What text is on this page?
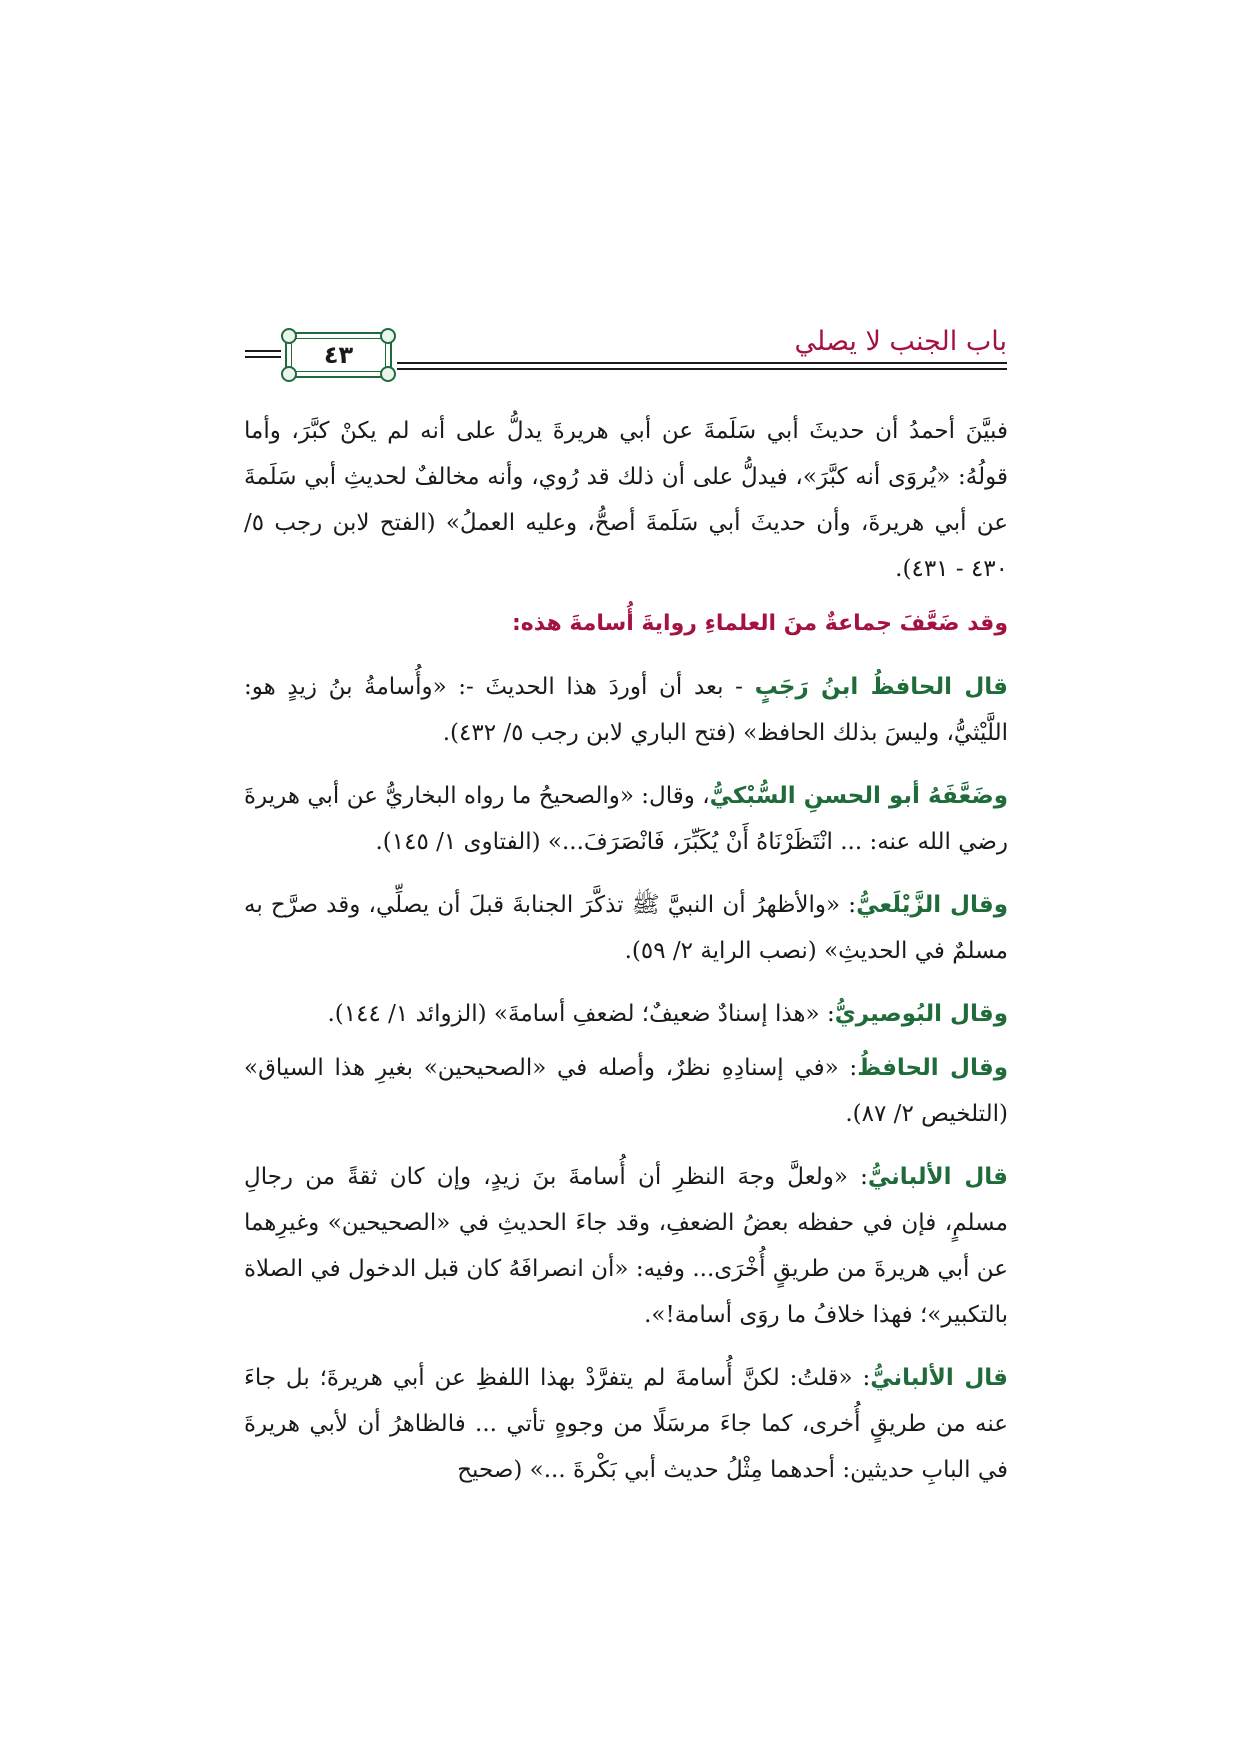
باب الجنب لا يصلي
٤٣

فبيَّنَ أحمدُ أن حديثَ أبي سَلَمةَ عن أبي هريرةَ يدلُّ على أنه لم يكنْ كبَّرَ، وأما قولُهُ: «يُروَى أنه كبَّرَ»، فيدلُّ على أن ذلك قد رُوي، وأنه مخالفٌ لحديثِ أبي سَلَمةَ عن أبي هريرةَ، وأن حديثَ أبي سَلَمةَ أصحُّ، وعليه العملُ» (الفتح لابن رجب ٥/ ٤٣٠ - ٤٣١).

وقد ضَعَّفَ جماعةٌ منَ العلماءِ روايةَ أُسامةَ هذه:

قال الحافظُ ابنُ رَجَبٍ - بعد أن أوردَ هذا الحديثَ -: «وأُسامةُ بنُ زيدٍ هو: اللَّيْثيُّ، وليسَ بذلك الحافظ» (فتح الباري لابن رجب ٥/ ٤٣٢).

وضَعَّفَهُ أبو الحسنِ السُّبْكيُّ، وقال: «والصحيحُ ما رواه البخاريُّ عن أبي هريرةَ رضي الله عنه: ... انْتَظَرْنَاهُ أَنْ يُكَبِّرَ، فَانْصَرَفَ...» (الفتاوى ١/ ١٤٥).

وقال الزَّيْلَعيُّ: «والأظهرُ أن النبيَّ ﷺ تذكَّرَ الجنابةَ قبلَ أن يصلِّي، وقد صرَّح به مسلمٌ في الحديثِ» (نصب الراية ٢/ ٥٩).

وقال البُوصيريُّ: «هذا إسنادٌ ضعيفٌ؛ لضعفِ أسامةَ» (الزوائد ١/ ١٤٤).

وقال الحافظُ: «في إسنادِهِ نظرٌ، وأصله في «الصحيحين» بغيرِ هذا السياق» (التلخيص ٢/ ٨٧).

قال الألبانيُّ: «ولعلَّ وجهَ النظرِ أن أُسامةَ بنَ زيدٍ، وإن كان ثقةً من رجالِ مسلمٍ، فإن في حفظه بعضُ الضعفِ، وقد جاءَ الحديثِ في «الصحيحين» وغيرِهما عن أبي هريرةَ من طريقٍ أُخْرَى... وفيه: «أن انصرافَهُ كان قبل الدخول في الصلاة بالتكبير»؛ فهذا خلافُ ما روَى أسامة!».

قال الألبانيُّ: «قلتُ: لكنَّ أُسامةَ لم يتفرَّدْ بهذا اللفظِ عن أبي هريرةَ؛ بل جاءَ عنه من طريقٍ أُخرى، كما جاءَ مرسَلًا من وجوهٍ تأتي ... فالظاهرُ أن لأبي هريرةَ في البابِ حديثين: أحدهما مِثْلُ حديث أبي بَكْرةَ ...» (صحيح
